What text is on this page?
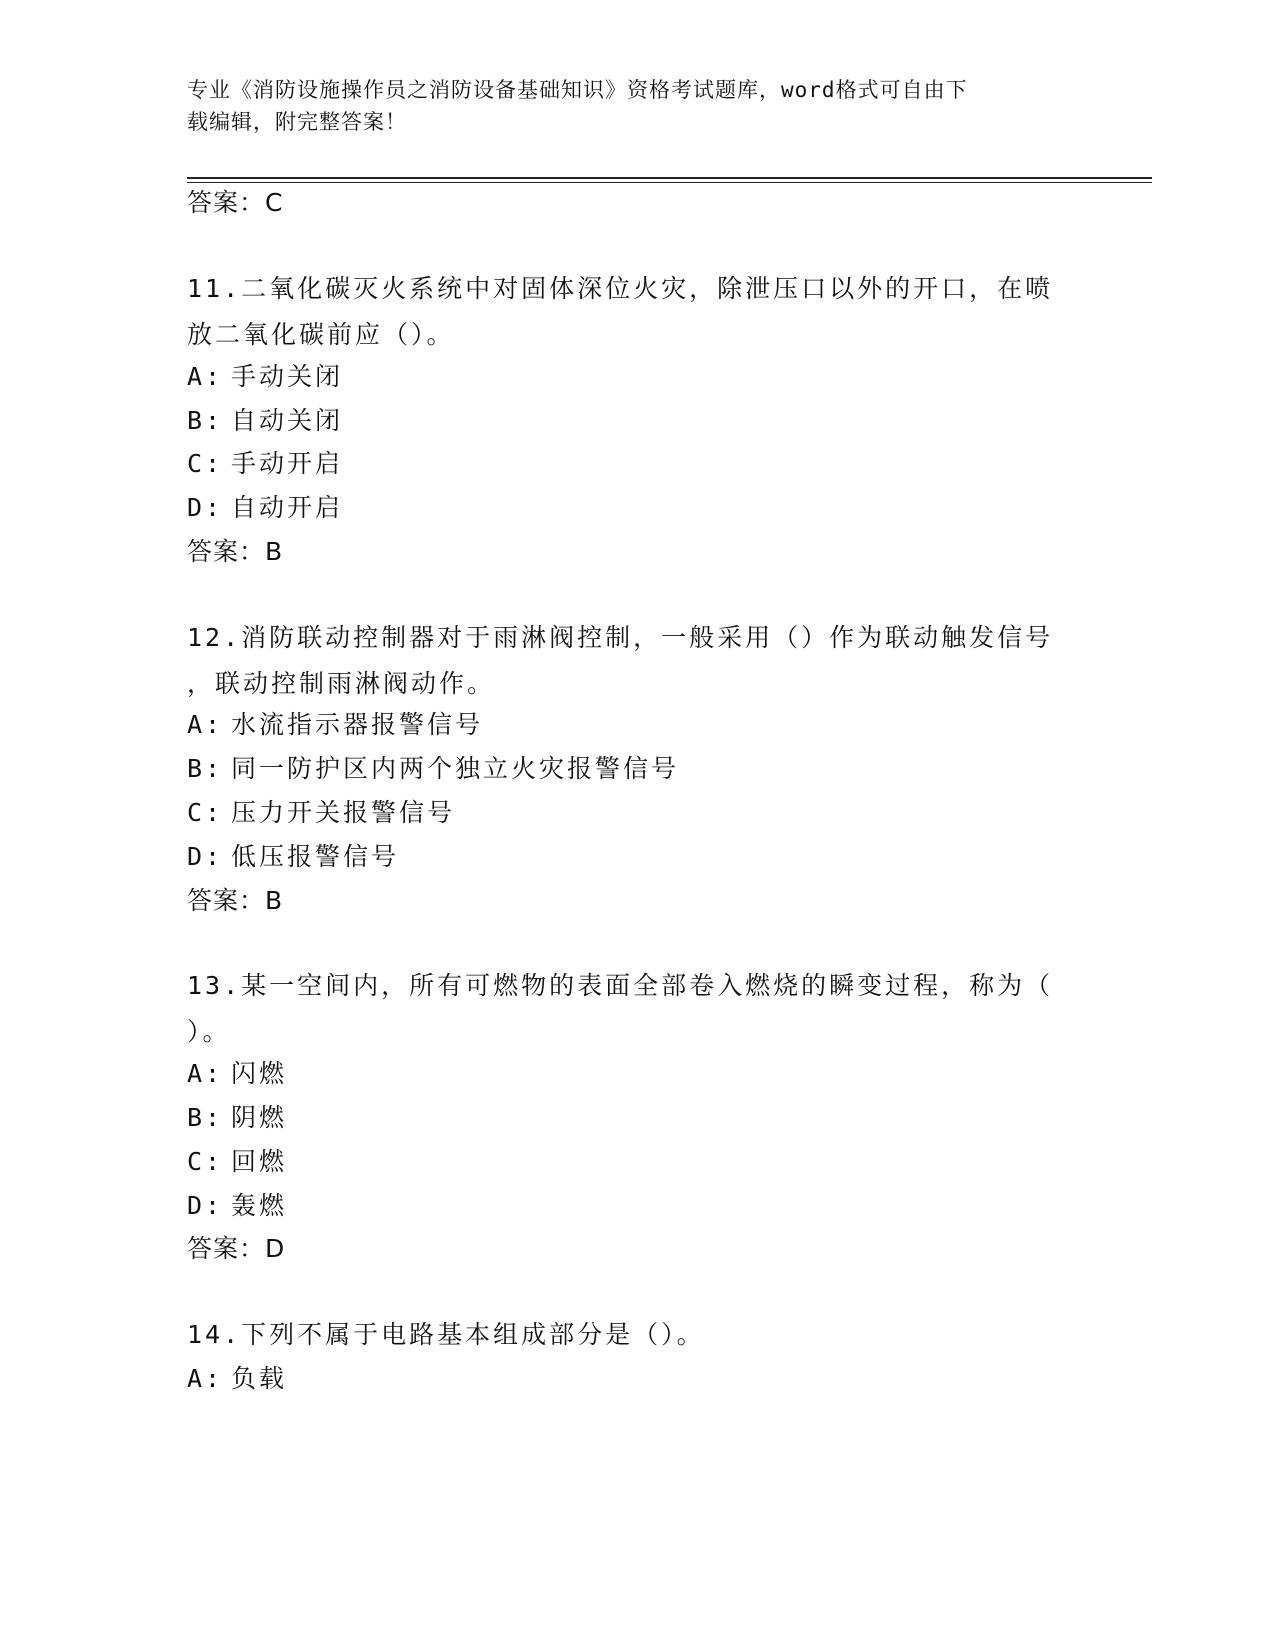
专业《消防设施操作员之消防设备基础知识》资格考试题库，word格式可自由下
载编辑，附完整答案！
答案：C
11.二氧化碳灭火系统中对固体深位火灾，除泄压口以外的开口，在喷
放二氧化碳前应（）。
A: 手动关闭
B: 自动关闭
C: 手动开启
D: 自动开启
答案：B
12.消防联动控制器对于雨淋阀控制，一般采用（）作为联动触发信号
，联动控制雨淋阀动作。
A: 水流指示器报警信号
B: 同一防护区内两个独立火灾报警信号
C: 压力开关报警信号
D: 低压报警信号
答案：B
13.某一空间内，所有可燃物的表面全部卷入燃烧的瞬变过程，称为（
）。
A: 闪燃
B: 阴燃
C: 回燃
D: 轰燃
答案：D
14.下列不属于电路基本组成部分是（）。
A: 负载
